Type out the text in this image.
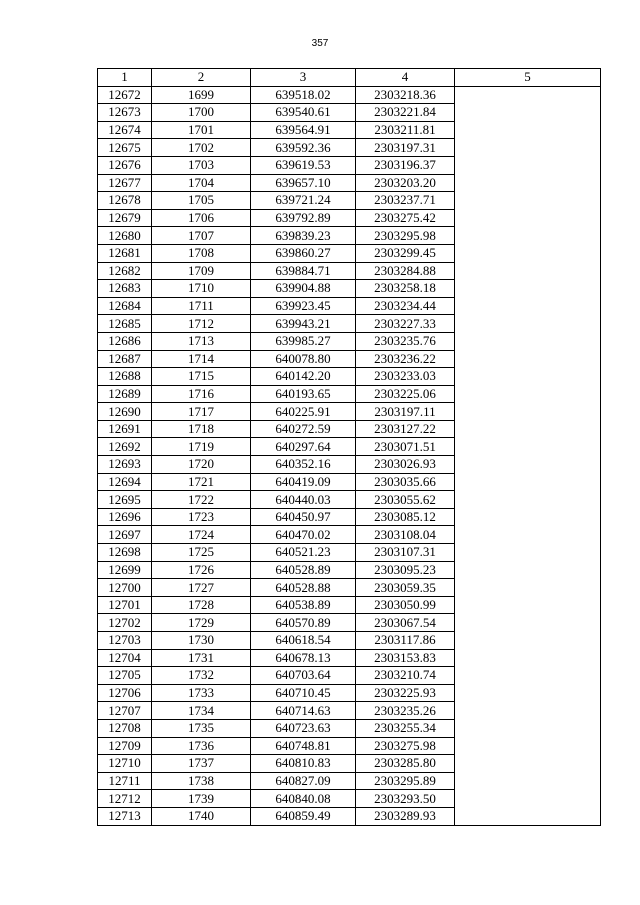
357
1	2	3	4	5
12672	1699	639518.02	2303218.36	
12673	1700	639540.61	2303221.84	
12674	1701	639564.91	2303211.81	
12675	1702	639592.36	2303197.31	
12676	1703	639619.53	2303196.37	
12677	1704	639657.10	2303203.20	
12678	1705	639721.24	2303237.71	
12679	1706	639792.89	2303275.42	
12680	1707	639839.23	2303295.98	
12681	1708	639860.27	2303299.45	
12682	1709	639884.71	2303284.88	
12683	1710	639904.88	2303258.18	
12684	1711	639923.45	2303234.44	
12685	1712	639943.21	2303227.33	
12686	1713	639985.27	2303235.76	
12687	1714	640078.80	2303236.22	
12688	1715	640142.20	2303233.03	
12689	1716	640193.65	2303225.06	
12690	1717	640225.91	2303197.11	
12691	1718	640272.59	2303127.22	
12692	1719	640297.64	2303071.51	
12693	1720	640352.16	2303026.93	
12694	1721	640419.09	2303035.66	
12695	1722	640440.03	2303055.62	
12696	1723	640450.97	2303085.12	
12697	1724	640470.02	2303108.04	
12698	1725	640521.23	2303107.31	
12699	1726	640528.89	2303095.23	
12700	1727	640528.88	2303059.35	
12701	1728	640538.89	2303050.99	
12702	1729	640570.89	2303067.54	
12703	1730	640618.54	2303117.86	
12704	1731	640678.13	2303153.83	
12705	1732	640703.64	2303210.74	
12706	1733	640710.45	2303225.93	
12707	1734	640714.63	2303235.26	
12708	1735	640723.63	2303255.34	
12709	1736	640748.81	2303275.98	
12710	1737	640810.83	2303285.80	
12711	1738	640827.09	2303295.89	
12712	1739	640840.08	2303293.50	
12713	1740	640859.49	2303289.93	
